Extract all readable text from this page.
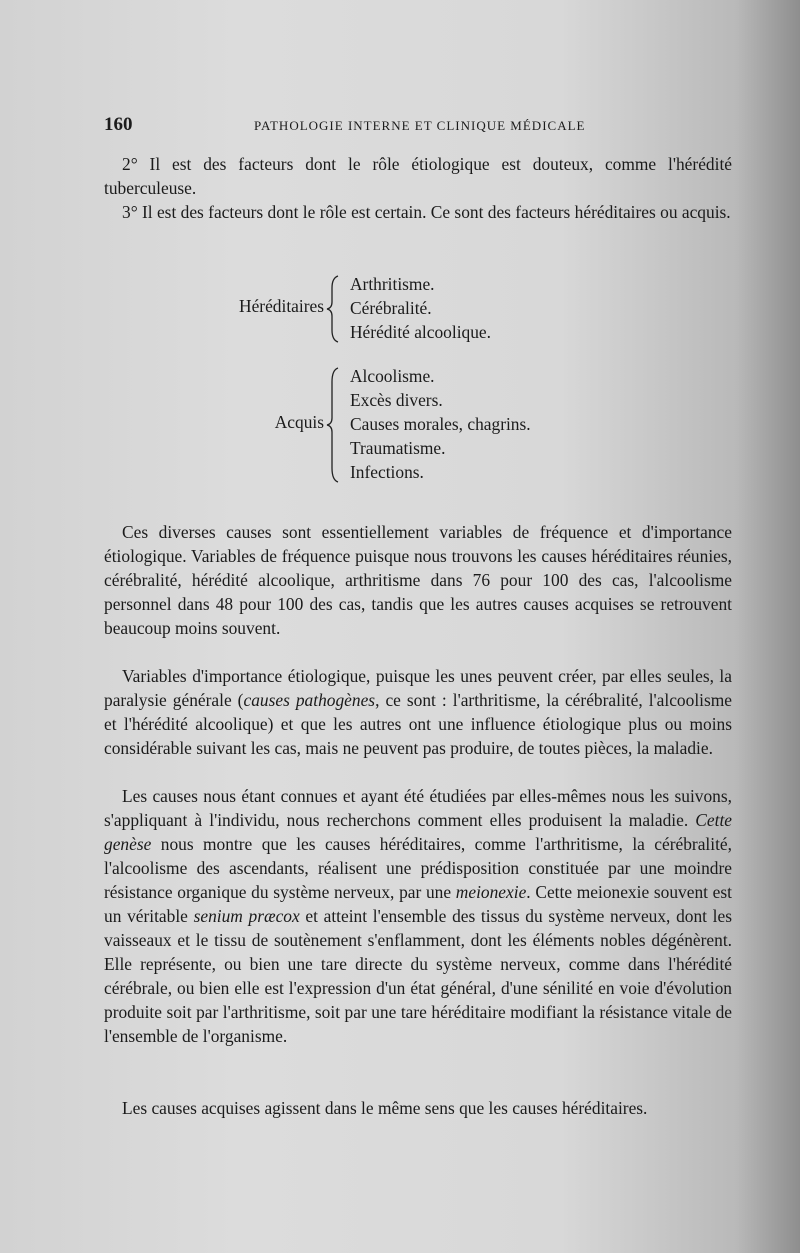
160	PATHOLOGIE INTERNE ET CLINIQUE MÉDICALE

2° Il est des facteurs dont le rôle étiologique est douteux, comme l'hérédité tuberculeuse.

3° Il est des facteurs dont le rôle est certain. Ce sont des facteurs héréditaires ou acquis.

Héréditaires
Arthritisme.
Cérébralité.
Hérédité alcoolique.
Acquis
Alcoolisme.
Excès divers.
Causes morales, chagrins.
Traumatisme.
Infections.

Ces diverses causes sont essentiellement variables de fréquence et d'importance étiologique. Variables de fréquence puisque nous trouvons les causes héréditaires réunies, cérébralité, hérédité alcoolique, arthritisme dans 76 pour 100 des cas, l'alcoolisme personnel dans 48 pour 100 des cas, tandis que les autres causes acquises se retrouvent beaucoup moins souvent.

Variables d'importance étiologique, puisque les unes peuvent créer, par elles seules, la paralysie générale (causes pathogènes, ce sont : l'arthritisme, la cérébralité, l'alcoolisme et l'hérédité alcoolique) et que les autres ont une influence étiologique plus ou moins considérable suivant les cas, mais ne peuvent pas produire, de toutes pièces, la maladie.

Les causes nous étant connues et ayant été étudiées par elles-mêmes nous les suivons, s'appliquant à l'individu, nous recherchons comment elles produisent la maladie. Cette genèse nous montre que les causes héréditaires, comme l'arthritisme, la cérébralité, l'alcoolisme des ascendants, réalisent une prédisposition constituée par une moindre résistance organique du système nerveux, par une meionexie. Cette meionexie souvent est un véritable senium præcox et atteint l'ensemble des tissus du système nerveux, dont les vaisseaux et le tissu de soutènement s'enflamment, dont les éléments nobles dégénèrent. Elle représente, ou bien une tare directe du système nerveux, comme dans l'hérédité cérébrale, ou bien elle est l'expression d'un état général, d'une sénilité en voie d'évolution produite soit par l'arthritisme, soit par une tare héréditaire modifiant la résistance vitale de l'ensemble de l'organisme.

Les causes acquises agissent dans le même sens que les causes héréditaires.
